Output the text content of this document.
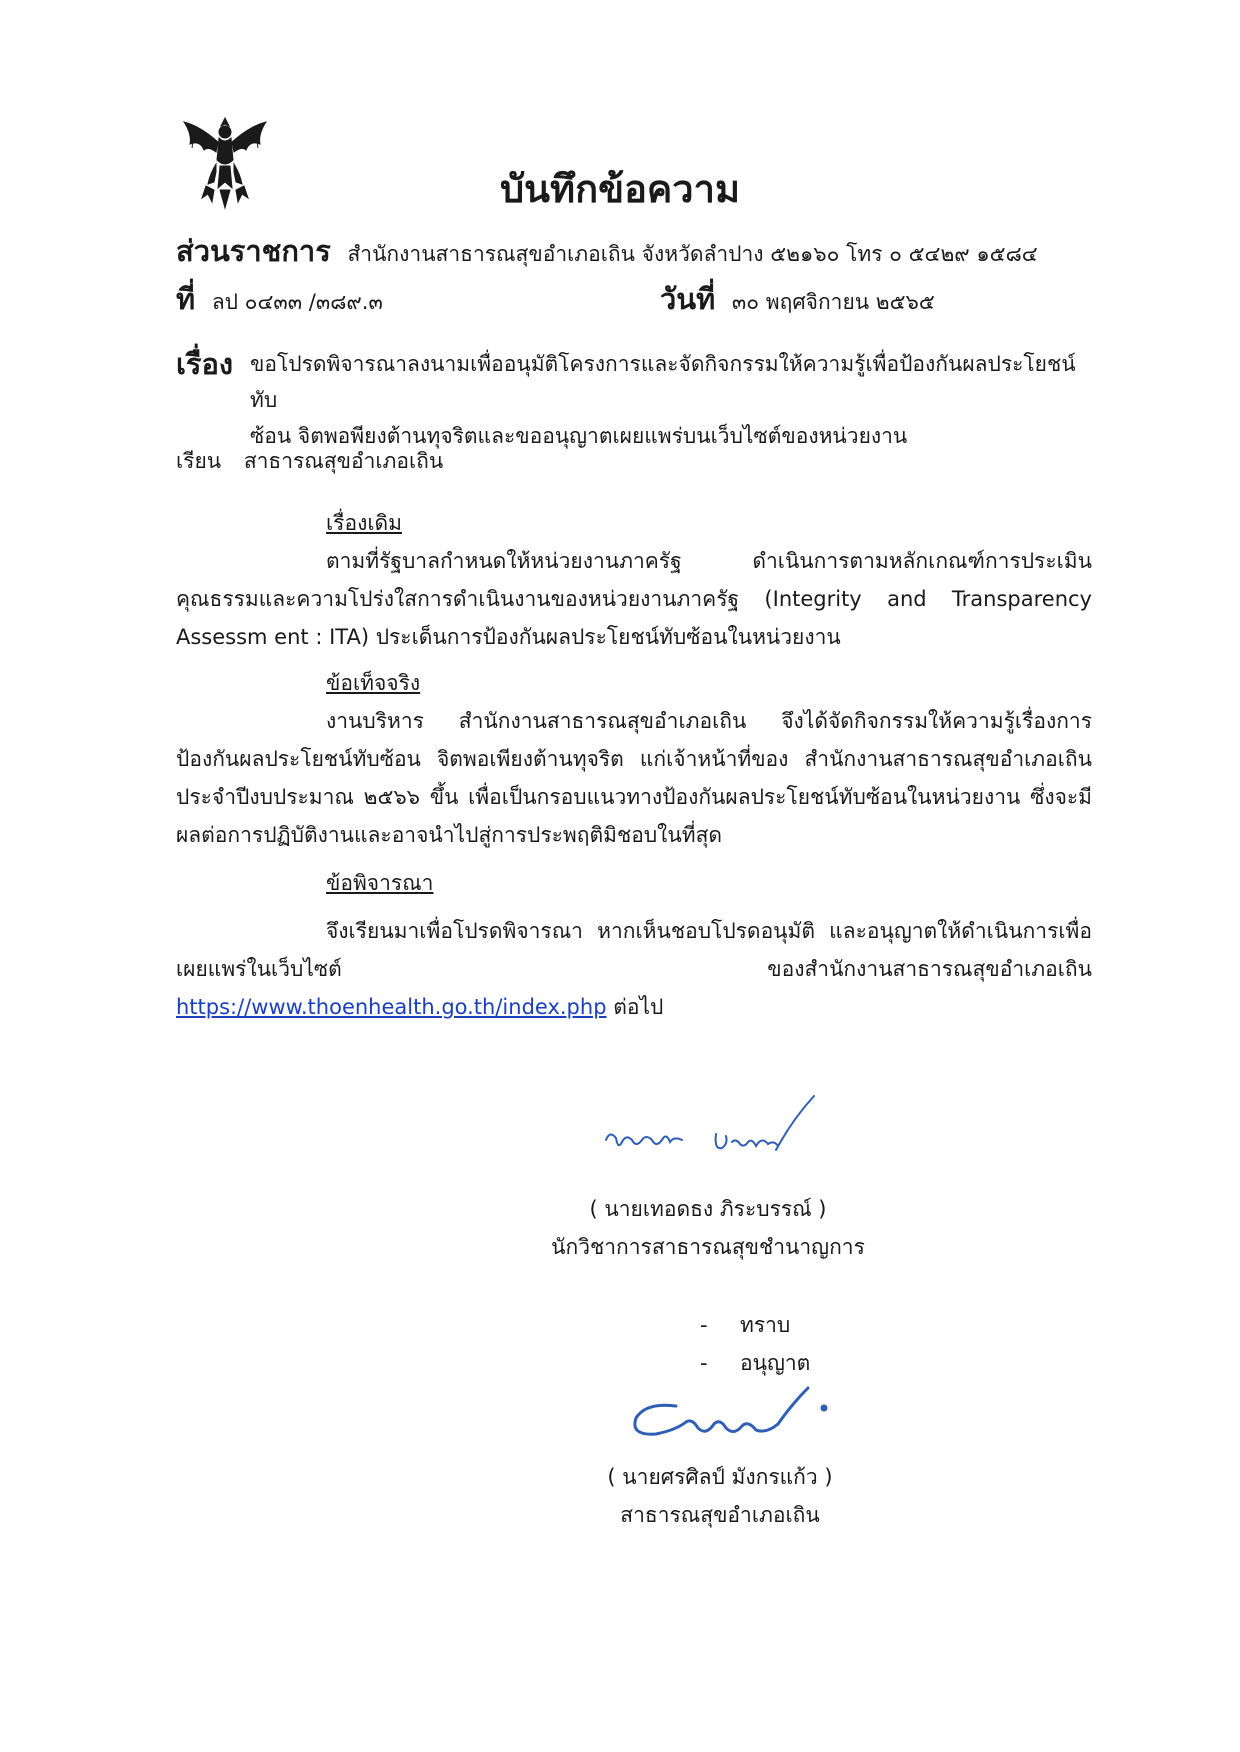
บันทึกข้อความ
ส่วนราชการ สำนักงานสาธารณสุขอำเภอเถิน จังหวัดลำปาง ๕๒๑๖๐ โทร ๐ ๕๔๒๙ ๑๕๘๔
ที่ ลป ๐๔๓๓ /๓๘๙.๓	วันที่ ๓๐ พฤศจิกายน ๒๕๖๕
เรื่อง ขอโปรดพิจารณาลงนามเพื่ออนุมัติโครงการและจัดกิจกรรมให้ความรู้เพื่อป้องกันผลประโยชน์ทับ
ซ้อน จิตพอพียงต้านทุจริตและขออนุญาตเผยแพร่บนเว็บไซต์ของหน่วยงาน
เรียน สาธารณสุขอำเภอเถิน
เรื่องเดิม
ตามที่รัฐบาลกำหนดให้หน่วยงานภาครัฐ ดำเนินการตามหลักเกณฑ์การประเมินคุณธรรมและความโปร่งใสการดำเนินงานของหน่วยงานภาครัฐ (Integrity and Transparency Assessm ent : ITA) ประเด็นการป้องกันผลประโยชน์ทับซ้อนในหน่วยงาน
ข้อเท็จจริง
งานบริหาร สำนักงานสาธารณสุขอำเภอเถิน จึงได้จัดกิจกรรมให้ความรู้เรื่องการป้องกันผลประโยชน์ทับซ้อน จิตพอเพียงต้านทุจริต แก่เจ้าหน้าที่ของ สำนักงานสาธารณสุขอำเภอเถิน ประจำปีงบประมาณ ๒๕๖๖ ขึ้น เพื่อเป็นกรอบแนวทางป้องกันผลประโยชน์ทับซ้อนในหน่วยงาน ซึ่งจะมีผลต่อการปฏิบัติงานและอาจนำไปสู่การประพฤติมิชอบในที่สุด
ข้อพิจารณา
จึงเรียนมาเพื่อโปรดพิจารณา หากเห็นชอบโปรดอนุมัติ และอนุญาตให้ดำเนินการเพื่อเผยแพร่ในเว็บไซต์ ของสำนักงานสาธารณสุขอำเภอเถิน https://www.thoenhealth.go.th/index.php ต่อไป
( นายเทอดธง ภิระบรรณ์ )
นักวิชาการสาธารณสุขชำนาญการ
- ทราบ
- อนุญาต
( นายศรศิลป์ มังกรแก้ว )
สาธารณสุขอำเภอเถิน
